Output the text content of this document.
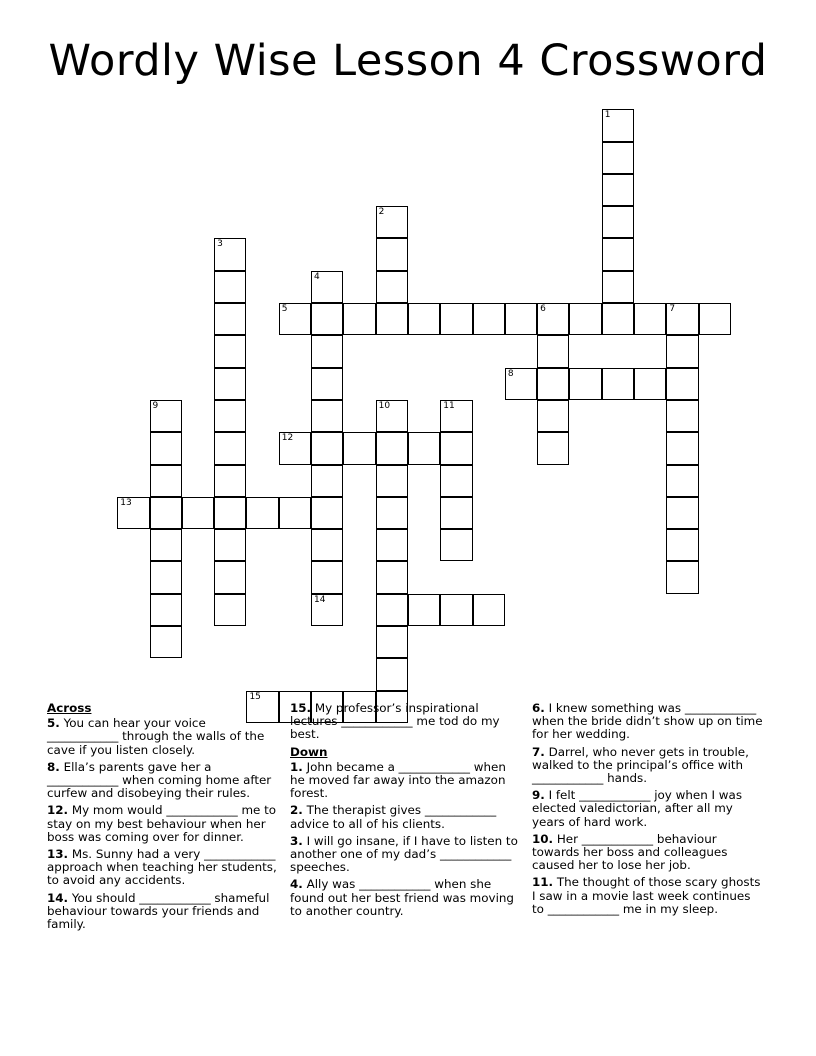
Wordly Wise Lesson 4 Crossword
1
2
3
4
5	6	7
8
9	10	11
12
13
14
15
Across
5. You can hear your voice ____________ through the walls of the cave if you listen closely.
8. Ella’s parents gave her a ____________ when coming home after curfew and disobeying their rules.
12. My mom would ____________ me to stay on my best behaviour when her boss was coming over for dinner.
13. Ms. Sunny had a very ____________ approach when teaching her students, to avoid any accidents.
14. You should ____________ shameful behaviour towards your friends and family.
15. My professor’s inspirational lectures ____________ me tod do my best.
Down
1. John became a ____________ when he moved far away into the amazon forest.
2. The therapist gives ____________ advice to all of his clients.
3. I will go insane, if I have to listen to another one of my dad’s ____________ speeches.
4. Ally was ____________ when she found out her best friend was moving to another country.
6. I knew something was ____________ when the bride didn’t show up on time for her wedding.
7. Darrel, who never gets in trouble, walked to the principal’s office with ____________ hands.
9. I felt ____________ joy when I was elected valedictorian, after all my years of hard work.
10. Her ____________ behaviour towards her boss and colleagues caused her to lose her job.
11. The thought of those scary ghosts I saw in a movie last week continues to ____________ me in my sleep.
